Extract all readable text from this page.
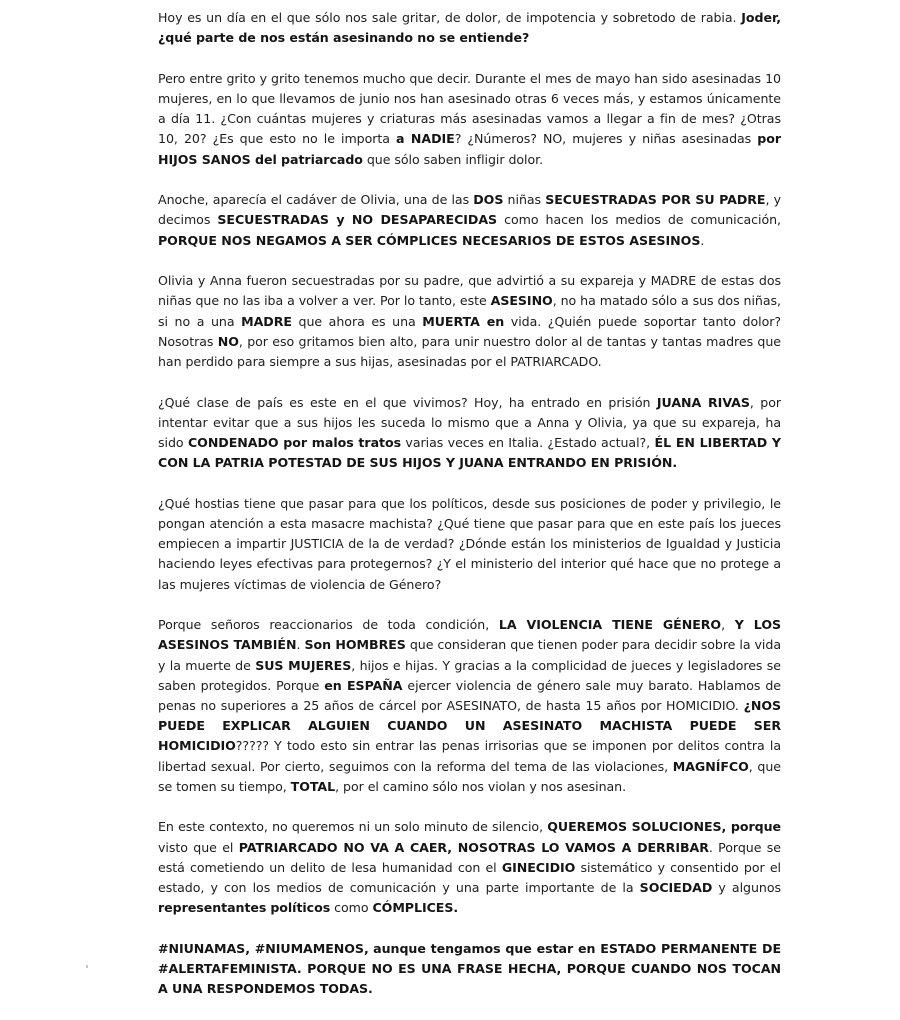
Hoy es un día en el que sólo nos sale gritar, de dolor, de impotencia y sobretodo de rabia. Joder, ¿qué parte de nos están asesinando no se entiende?

Pero entre grito y grito tenemos mucho que decir. Durante el mes de mayo han sido asesinadas 10 mujeres, en lo que llevamos de junio nos han asesinado otras 6 veces más, y estamos únicamente a día 11. ¿Con cuántas mujeres y criaturas más asesinadas vamos a llegar a fin de mes? ¿Otras 10, 20? ¿Es que esto no le importa a NADIE? ¿Números? NO, mujeres y niñas asesinadas por HIJOS SANOS del patriarcado que sólo saben infligir dolor.

Anoche, aparecía el cadáver de Olivia, una de las DOS niñas SECUESTRADAS POR SU PADRE, y decimos SECUESTRADAS y NO DESAPARECIDAS como hacen los medios de comunicación, PORQUE NOS NEGAMOS A SER CÓMPLICES NECESARIOS DE ESTOS ASESINOS.

Olivia y Anna fueron secuestradas por su padre, que advirtió a su expareja y MADRE de estas dos niñas que no las iba a volver a ver. Por lo tanto, este ASESINO, no ha matado sólo a sus dos niñas, si no a una MADRE que ahora es una MUERTA en vida. ¿Quién puede soportar tanto dolor? Nosotras NO, por eso gritamos bien alto, para unir nuestro dolor al de tantas y tantas madres que han perdido para siempre a sus hijas, asesinadas por el PATRIARCADO.

¿Qué clase de país es este en el que vivimos? Hoy, ha entrado en prisión JUANA RIVAS, por intentar evitar que a sus hijos les suceda lo mismo que a Anna y Olivia, ya que su expareja, ha sido CONDENADO por malos tratos varias veces en Italia. ¿Estado actual?, ÉL EN LIBERTAD Y CON LA PATRIA POTESTAD DE SUS HIJOS Y JUANA ENTRANDO EN PRISIÓN.

¿Qué hostias tiene que pasar para que los políticos, desde sus posiciones de poder y privilegio, le pongan atención a esta masacre machista? ¿Qué tiene que pasar para que en este país los jueces empiecen a impartir JUSTICIA de la de verdad? ¿Dónde están los ministerios de Igualdad y Justicia haciendo leyes efectivas para protegernos? ¿Y el ministerio del interior qué hace que no protege a las mujeres víctimas de violencia de Género?

Porque señoros reaccionarios de toda condición, LA VIOLENCIA TIENE GÉNERO, Y LOS ASESINOS TAMBIÉN. Son HOMBRES que consideran que tienen poder para decidir sobre la vida y la muerte de SUS MUJERES, hijos e hijas. Y gracias a la complicidad de jueces y legisladores se saben protegidos. Porque en ESPAÑA ejercer violencia de género sale muy barato. Hablamos de penas no superiores a 25 años de cárcel por ASESINATO, de hasta 15 años por HOMICIDIO. ¿NOS PUEDE EXPLICAR ALGUIEN CUANDO UN ASESINATO MACHISTA PUEDE SER HOMICIDIO????? Y todo esto sin entrar las penas irrisorias que se imponen por delitos contra la libertad sexual. Por cierto, seguimos con la reforma del tema de las violaciones, MAGNÍFCO, que se tomen su tiempo, TOTAL, por el camino sólo nos violan y nos asesinan.

En este contexto, no queremos ni un solo minuto de silencio, QUEREMOS SOLUCIONES, porque visto que el PATRIARCADO NO VA A CAER, NOSOTRAS LO VAMOS A DERRIBAR. Porque se está cometiendo un delito de lesa humanidad con el GINECIDIO sistemático y consentido por el estado, y con los medios de comunicación y una parte importante de la SOCIEDAD y algunos representantes políticos como CÓMPLICES.

#NIUNAMAS, #NIUMAMENOS, aunque tengamos que estar en ESTADO PERMANENTE DE #ALERTAFEMINISTA. PORQUE NO ES UNA FRASE HECHA, PORQUE CUANDO NOS TOCAN A UNA RESPONDEMOS TODAS.
